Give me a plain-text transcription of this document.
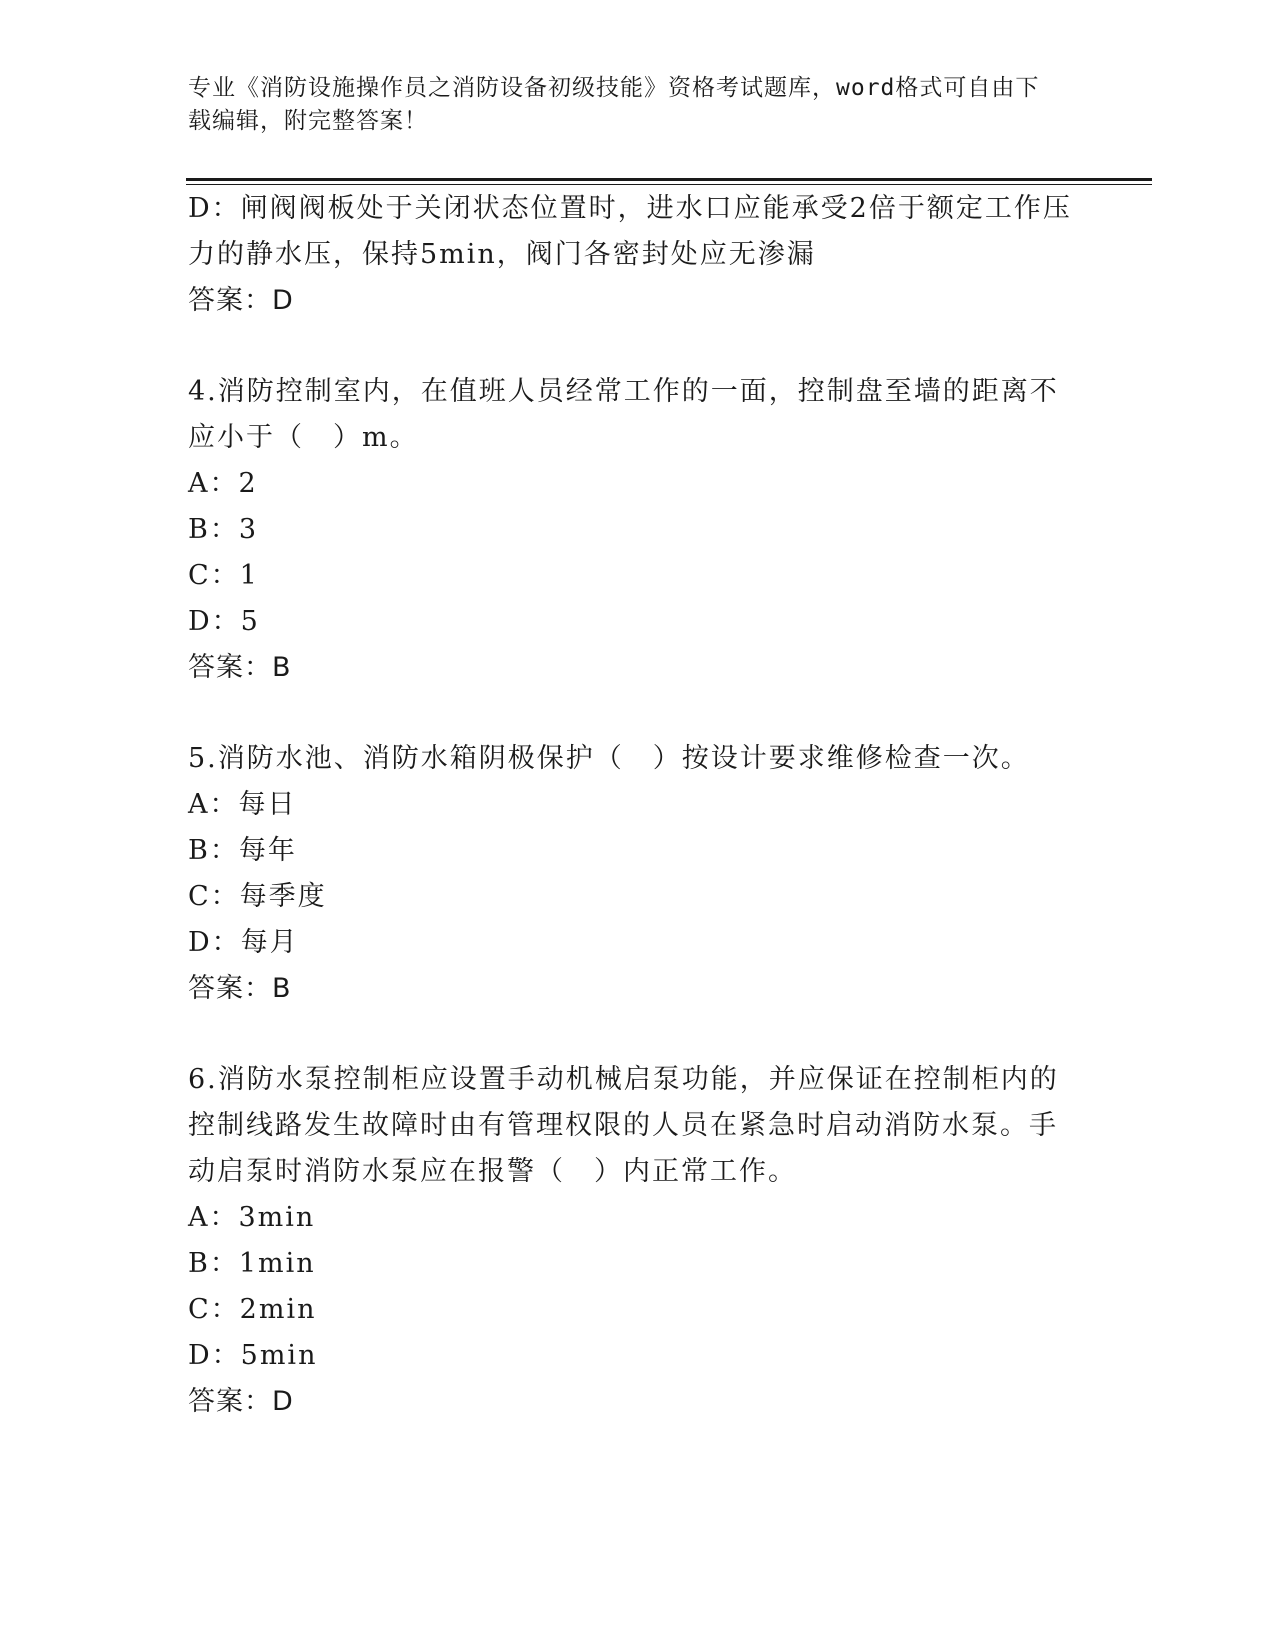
专业《消防设施操作员之消防设备初级技能》资格考试题库，word格式可自由下
载编辑，附完整答案！
D：闸阀阀板处于关闭状态位置时，进水口应能承受2倍于额定工作压
力的静水压，保持5min，阀门各密封处应无渗漏
答案：D
4.消防控制室内，在值班人员经常工作的一面，控制盘至墙的距离不
应小于（　）m。
A：2
B：3
C：1
D：5
答案：B
5.消防水池、消防水箱阴极保护（　）按设计要求维修检查一次。
A：每日
B：每年
C：每季度
D：每月
答案：B
6.消防水泵控制柜应设置手动机械启泵功能，并应保证在控制柜内的
控制线路发生故障时由有管理权限的人员在紧急时启动消防水泵。手
动启泵时消防水泵应在报警（　）内正常工作。
A：3min
B：1min
C：2min
D：5min
答案：D
